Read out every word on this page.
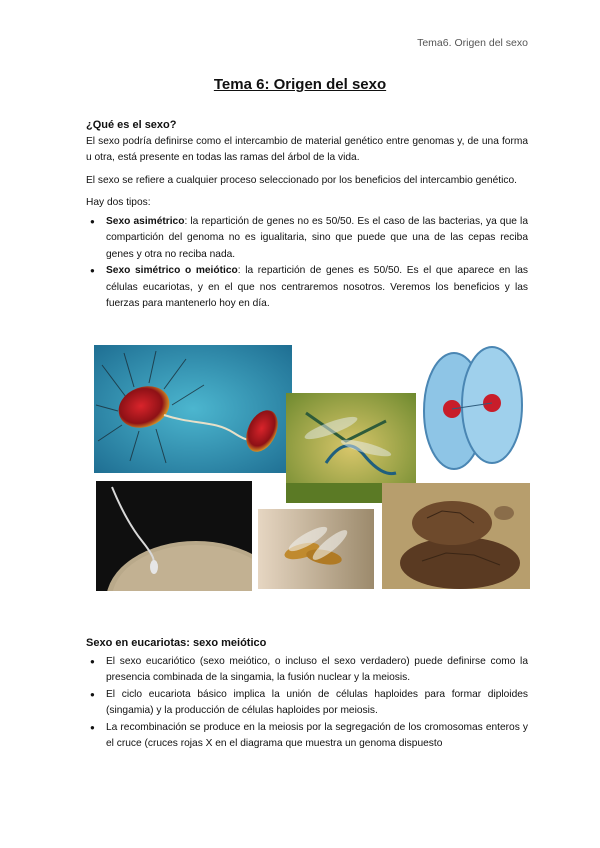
Tema6. Origen del sexo
Tema 6: Origen del sexo

¿Qué es el sexo?

El sexo podría definirse como el intercambio de material genético entre genomas y, de una forma u otra, está presente en todas las ramas del árbol de la vida.

El sexo se refiere a cualquier proceso seleccionado por los beneficios del intercambio genético.

Hay dos tipos:

● Sexo asimétrico: la repartición de genes no es 50/50. Es el caso de las bacterias, ya que la compartición del genoma no es igualitaria, sino que puede que una de las cepas reciba genes y otra no reciba nada.
● Sexo simétrico o meiótico: la repartición de genes es 50/50. Es el que aparece en las células eucariotas, y en el que nos centraremos nosotros. Veremos los beneficios y las fuerzas para mantenerlo hoy en día.

Sexo en eucariotas: sexo meiótico

● El sexo eucariótico (sexo meiótico, o incluso el sexo verdadero) puede definirse como la presencia combinada de la singamia, la fusión nuclear y la meiosis.
● El ciclo eucariota básico implica la unión de células haploides para formar diploides (singamia) y la producción de células haploides por meiosis.
● La recombinación se produce en la meiosis por la segregación de los cromosomas enteros y el cruce (cruces rojas X en el diagrama que muestra un genoma dispuesto
